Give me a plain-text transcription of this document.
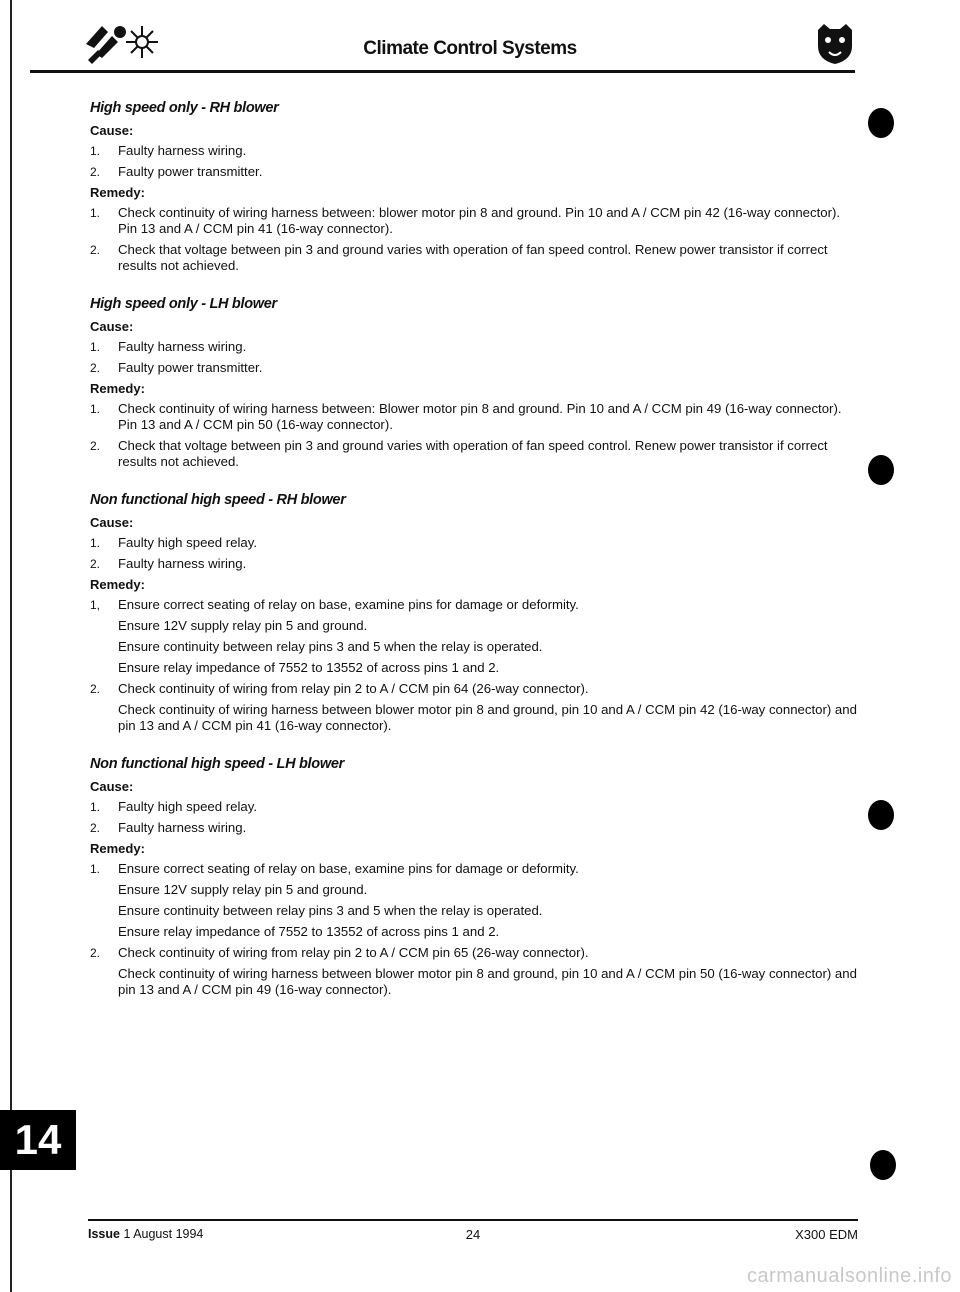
Climate Control Systems
High speed only - RH blower
Cause:
1.	Faulty harness wiring.
2.	Faulty power transmitter.
Remedy:
1.	Check continuity of wiring harness between: blower motor pin 8 and ground. Pin 10 and A / CCM pin 42 (16-way connector). Pin 13 and A / CCM pin 41 (16-way connector).
2.	Check that voltage between pin 3 and ground varies with operation of fan speed control. Renew power transistor if correct results not achieved.
High speed only - LH blower
Cause:
1.	Faulty harness wiring.
2.	Faulty power transmitter.
Remedy:
1.	Check continuity of wiring harness between: Blower motor pin 8 and ground. Pin 10 and A / CCM pin 49 (16-way connector). Pin 13 and A / CCM pin 50 (16-way connector).
2.	Check that voltage between pin 3 and ground varies with operation of fan speed control. Renew power transistor if correct results not achieved.
Non functional high speed - RH blower
Cause:
1.	Faulty high speed relay.
2.	Faulty harness wiring.
Remedy:
1,	Ensure correct seating of relay on base, examine pins for damage or deformity.
Ensure 12V supply relay pin 5 and ground.
Ensure continuity between relay pins 3 and 5 when the relay is operated.
Ensure relay impedance of 7552 to 13552 of across pins 1 and 2.
2.	Check continuity of wiring from relay pin 2 to A / CCM pin 64 (26-way connector).
Check continuity of wiring harness between blower motor pin 8 and ground, pin 10 and A / CCM pin 42 (16-way connector) and pin 13 and A / CCM pin 41 (16-way connector).
Non functional high speed - LH blower
Cause:
1.	Faulty high speed relay.
2.	Faulty harness wiring.
Remedy:
1.	Ensure correct seating of relay on base, examine pins for damage or deformity.
Ensure 12V supply relay pin 5 and ground.
Ensure continuity between relay pins 3 and 5 when the relay is operated.
Ensure relay impedance of 7552 to 13552 of across pins 1 and 2.
2.	Check continuity of wiring from relay pin 2 to A / CCM pin 65 (26-way connector).
Check continuity of wiring harness between blower motor pin 8 and ground, pin 10 and A / CCM pin 50 (16-way connector) and pin 13 and A / CCM pin 49 (16-way connector).
14
Issue 1 August 1994	24	X300 EDM
carmanualsonline.info
